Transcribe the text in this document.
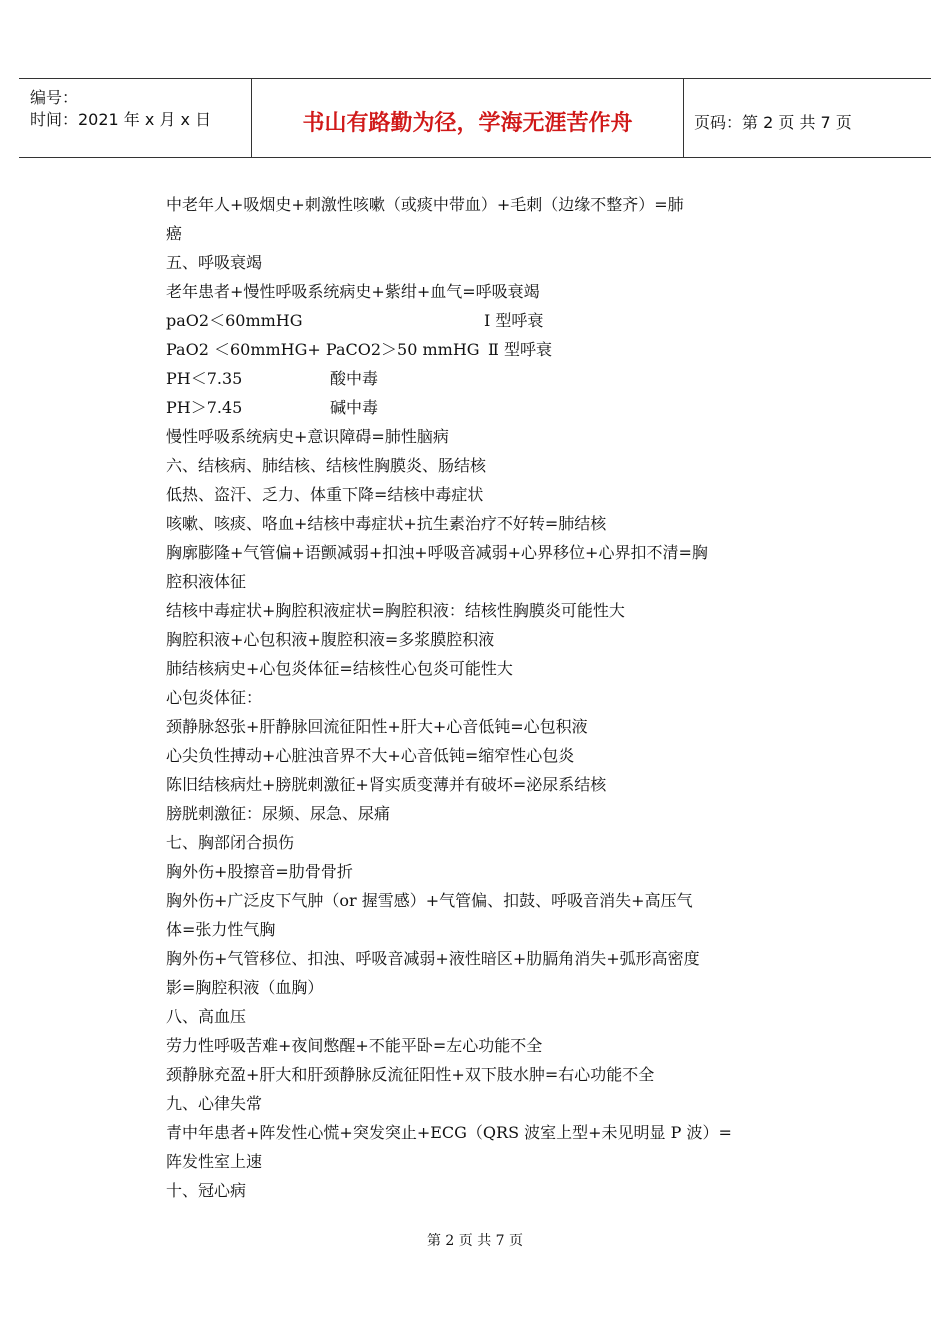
编号：
时间：2021 年 x 月 x 日	书山有路勤为径，学海无涯苦作舟	页码：第 2 页 共 7 页
中老年人+吸烟史+刺激性咳嗽（或痰中带血）+毛刺（边缘不整齐）=肺
癌
五、呼吸衰竭
老年患者+慢性呼吸系统病史+紫绀+血气=呼吸衰竭
paO2＜60mmHG	Ⅰ 型呼衰
PaO2 ＜60mmHG+ PaCO2＞50 mmHG Ⅱ 型呼衰
PH＜7.35	酸中毒
PH＞7.45	碱中毒
慢性呼吸系统病史+意识障碍=肺性脑病
六、结核病、肺结核、结核性胸膜炎、肠结核
低热、盗汗、乏力、体重下降=结核中毒症状
咳嗽、咳痰、咯血+结核中毒症状+抗生素治疗不好转=肺结核
胸廓膨隆+气管偏+语颤减弱+扣浊+呼吸音减弱+心界移位+心界扣不清=胸
腔积液体征
结核中毒症状+胸腔积液症状=胸腔积液：结核性胸膜炎可能性大
胸腔积液+心包积液+腹腔积液=多浆膜腔积液
肺结核病史+心包炎体征=结核性心包炎可能性大
心包炎体征：
颈静脉怒张+肝静脉回流征阳性+肝大+心音低钝=心包积液
心尖负性搏动+心脏浊音界不大+心音低钝=缩窄性心包炎
陈旧结核病灶+膀胱刺激征+肾实质变薄并有破坏=泌尿系结核
膀胱刺激征：尿频、尿急、尿痛
七、胸部闭合损伤
胸外伤+股擦音=肋骨骨折
胸外伤+广泛皮下气肿（or 握雪感）+气管偏、扣鼓、呼吸音消失+高压气
体=张力性气胸
胸外伤+气管移位、扣浊、呼吸音减弱+液性暗区+肋膈角消失+弧形高密度
影=胸腔积液（血胸）
八、高血压
劳力性呼吸苦难+夜间憋醒+不能平卧=左心功能不全
颈静脉充盈+肝大和肝颈静脉反流征阳性+双下肢水肿=右心功能不全
九、心律失常
青中年患者+阵发性心慌+突发突止+ECG（QRS 波室上型+未见明显 P 波）=
阵发性室上速
十、冠心病
第 2 页 共 7 页
